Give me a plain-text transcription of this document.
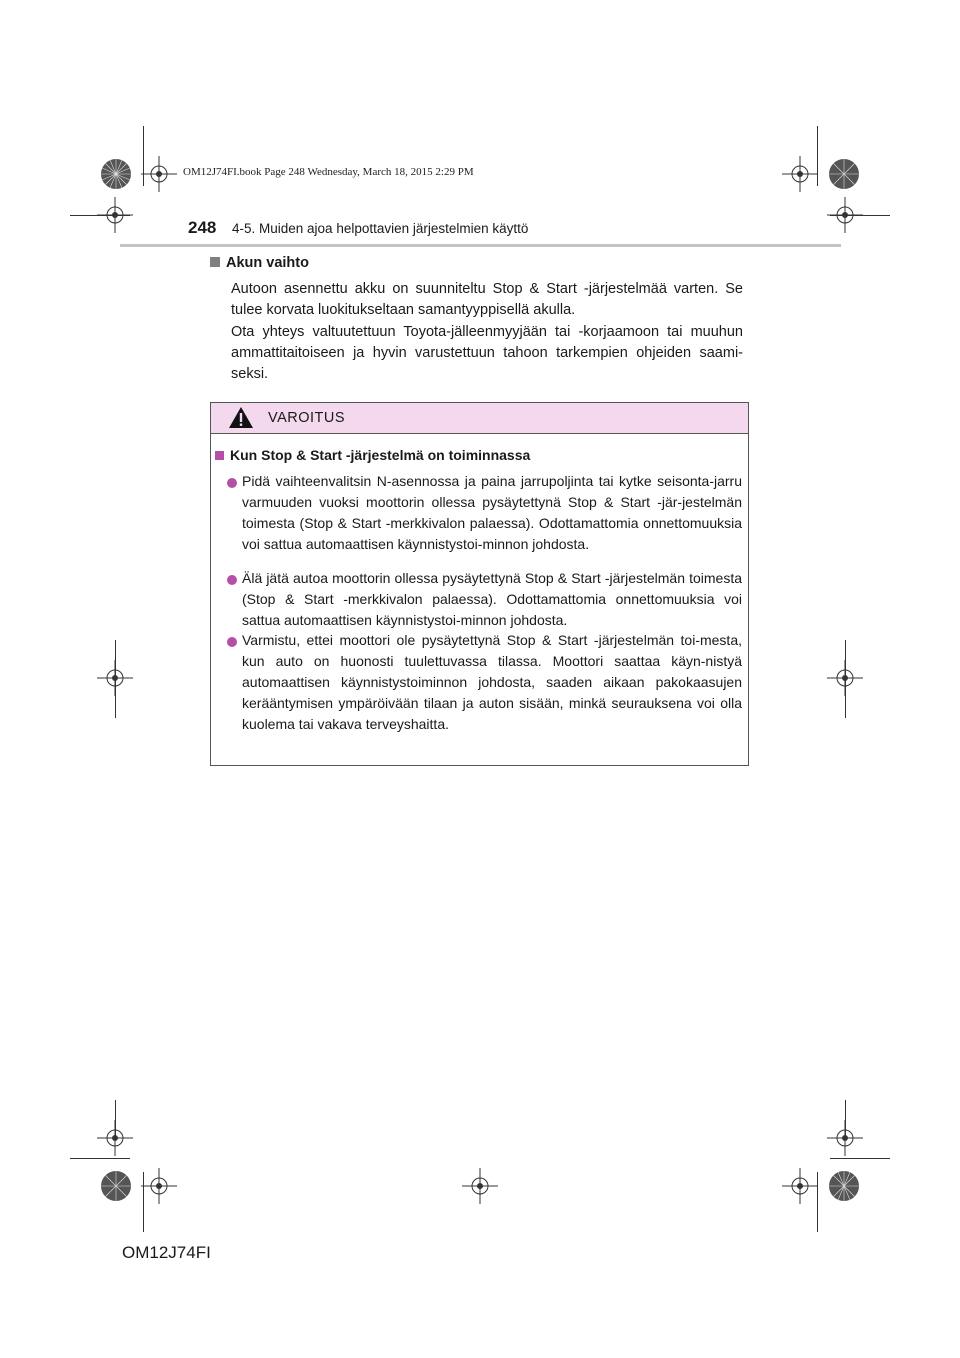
OM12J74FI.book Page 248 Wednesday, March 18, 2015 2:29 PM
248 4-5. Muiden ajoa helpottavien järjestelmien käyttö
Akun vaihto

Autoon asennettu akku on suunniteltu Stop & Start -järjestelmää varten. Se tulee korvata luokitukseltaan samantyyppisellä akulla.

Ota yhteys valtuutettuun Toyota-jälleenmyyjään tai -korjaamoon tai muuhun ammattitaitoiseen ja hyvin varustettuun tahoon tarkempien ohjeiden saami-seksi.

VAROITUS
Kun Stop & Start -järjestelmä on toiminnassa

Pidä vaihteenvalitsin N-asennossa ja paina jarrupoljinta tai kytke seisonta-jarru varmuuden vuoksi moottorin ollessa pysäytettynä Stop & Start -jär-jestelmän toimesta (Stop & Start -merkkivalon palaessa). Odottamattomia onnettomuuksia voi sattua automaattisen käynnistystoi-minnon johdosta.

Älä jätä autoa moottorin ollessa pysäytettynä Stop & Start -järjestelmän toimesta (Stop & Start -merkkivalon palaessa). Odottamattomia onnettomuuksia voi sattua automaattisen käynnistystoi-minnon johdosta.

Varmistu, ettei moottori ole pysäytettynä Stop & Start -järjestelmän toi-mesta, kun auto on huonosti tuulettuvassa tilassa. Moottori saattaa käyn-nistyä automaattisen käynnistystoiminnon johdosta, saaden aikaan pakokaasujen kerääntymisen ympäröivään tilaan ja auton sisään, minkä seurauksena voi olla kuolema tai vakava terveyshaitta.

OM12J74FI
